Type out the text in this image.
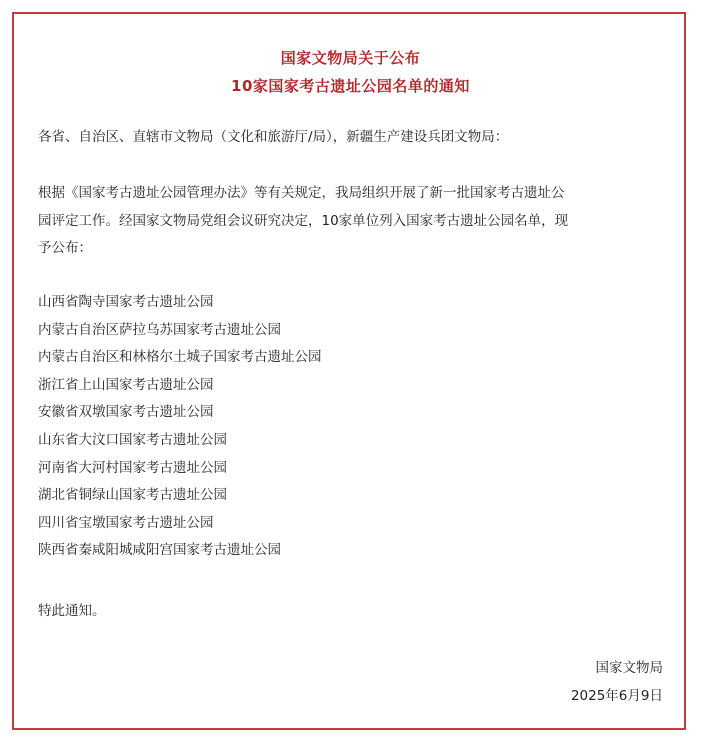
国家文物局关于公布
10家国家考古遗址公园名单的通知
各省、自治区、直辖市文物局（文化和旅游厅/局），新疆生产建设兵团文物局：
根据《国家考古遗址公园管理办法》等有关规定，我局组织开展了新一批国家考古遗址公
园评定工作。经国家文物局党组会议研究决定，10家单位列入国家考古遗址公园名单，现
予公布：
山西省陶寺国家考古遗址公园
内蒙古自治区萨拉乌苏国家考古遗址公园
内蒙古自治区和林格尔土城子国家考古遗址公园
浙江省上山国家考古遗址公园
安徽省双墩国家考古遗址公园
山东省大汶口国家考古遗址公园
河南省大河村国家考古遗址公园
湖北省铜绿山国家考古遗址公园
四川省宝墩国家考古遗址公园
陕西省秦咸阳城咸阳宫国家考古遗址公园
特此通知。
国家文物局
2025年6月9日
